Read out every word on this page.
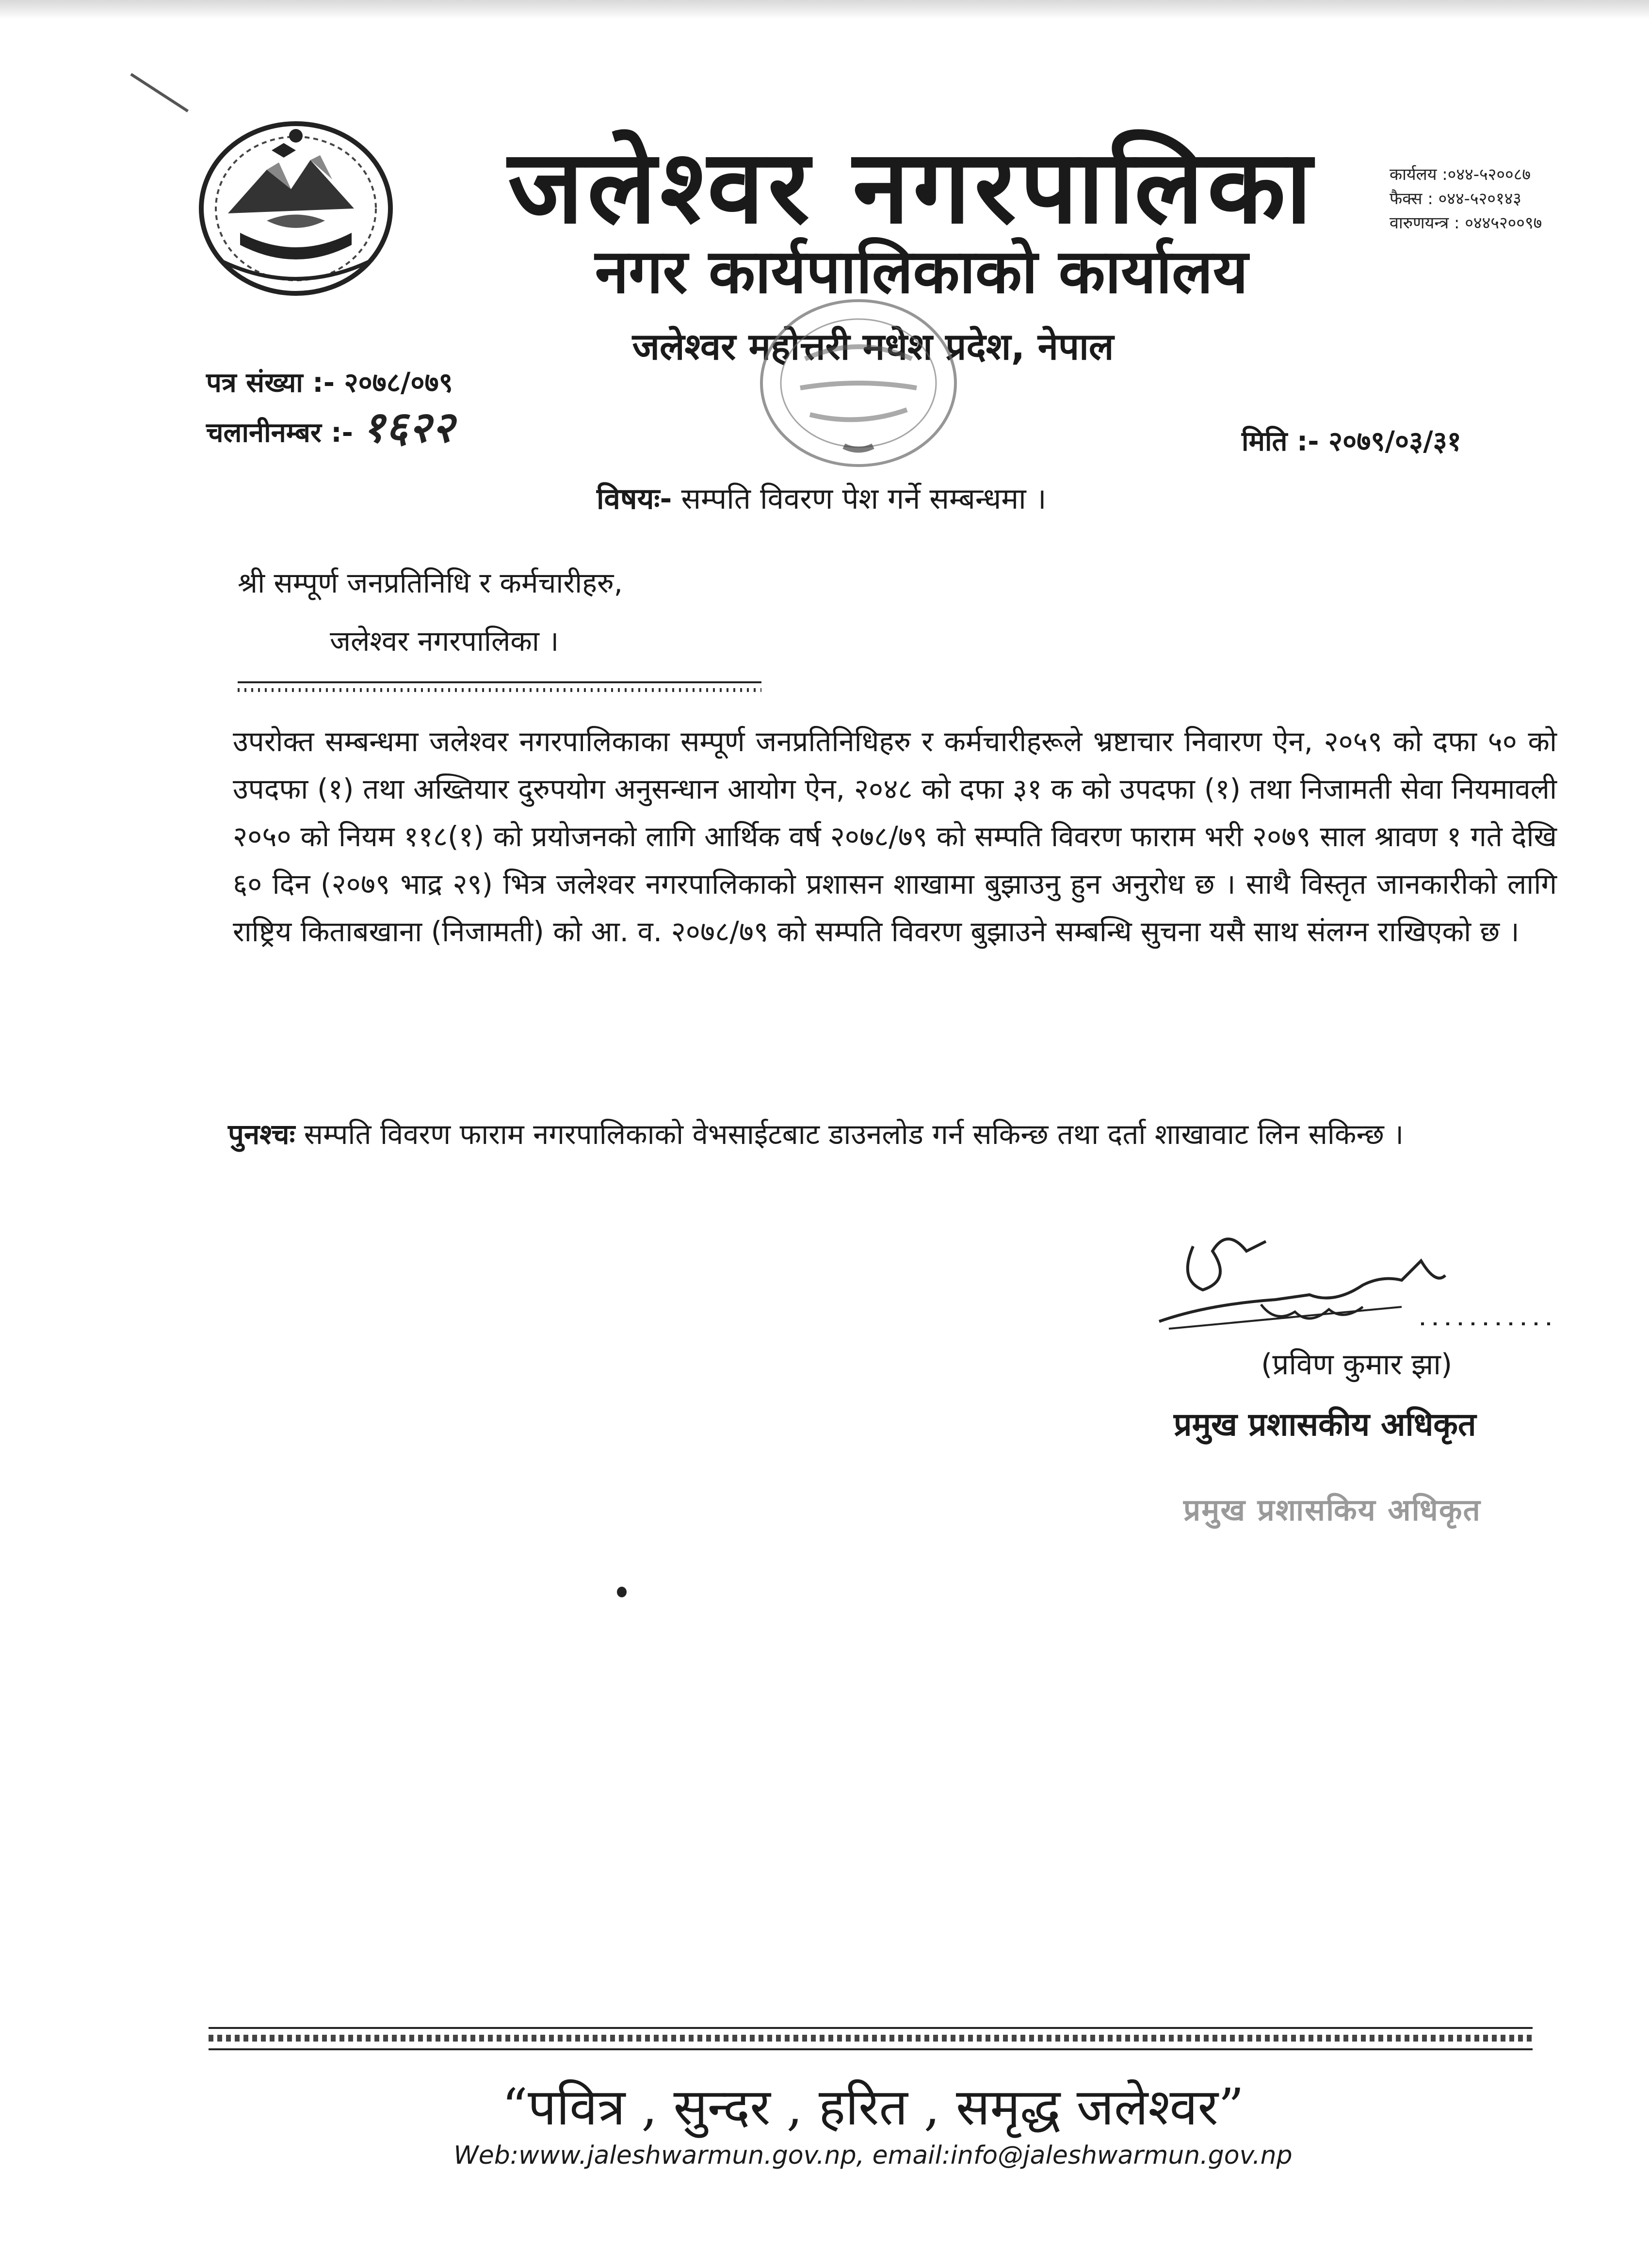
जलेश्वर नगरपालिका
नगर कार्यपालिकाको कार्यालय
जलेश्वर महोत्तरी मधेश प्रदेश, नेपाल
कार्यलय :०४४-५२००८७
फैक्स : ०४४-५२०१४३
वारुणयन्त्र : ०४४५२००९७
पत्र संख्या :- २०७८/०७९
चलानीनम्बर :- १६२२	मिति :- २०७९/०३/३१
विषयः- सम्पति विवरण पेश गर्ने सम्बन्धमा ।
श्री सम्पूर्ण जनप्रतिनिधि र कर्मचारीहरु,
जलेश्वर नगरपालिका ।
उपरोक्त सम्बन्धमा जलेश्वर नगरपालिकाका सम्पूर्ण जनप्रतिनिधिहरु र कर्मचारीहरूले भ्रष्टाचार निवारण ऐन, २०५९ को दफा ५० को उपदफा (१) तथा अख्तियार दुरुपयोग अनुसन्धान आयोग ऐन, २०४८ को दफा ३१ क को उपदफा (१) तथा निजामती सेवा नियमावली २०५० को नियम ११८(१) को प्रयोजनको लागि आर्थिक वर्ष २०७८/७९ को सम्पति विवरण फाराम भरी २०७९ साल श्रावण १ गते देखि ६० दिन (२०७९ भाद्र २९) भित्र जलेश्वर नगरपालिकाको प्रशासन शाखामा बुझाउनु हुन अनुरोध छ । साथै विस्तृत जानकारीको लागि राष्ट्रिय किताबखाना (निजामती) को आ. व. २०७८/७९ को सम्पति विवरण बुझाउने सम्बन्धि सुचना यसै साथ संलग्न राखिएको छ ।
पुनश्चः सम्पति विवरण फाराम नगरपालिकाको वेभसाईटबाट डाउनलोड गर्न सकिन्छ तथा दर्ता शाखावाट लिन सकिन्छ ।
(प्रविण कुमार झा)
प्रमुख प्रशासकीय अधिकृत
प्रमुख प्रशासकिय अधिकृत
“पवित्र , सुन्दर , हरित , समृद्ध जलेश्वर”
Web:www.jaleshwarmun.gov.np, email:info@jaleshwarmun.gov.np
